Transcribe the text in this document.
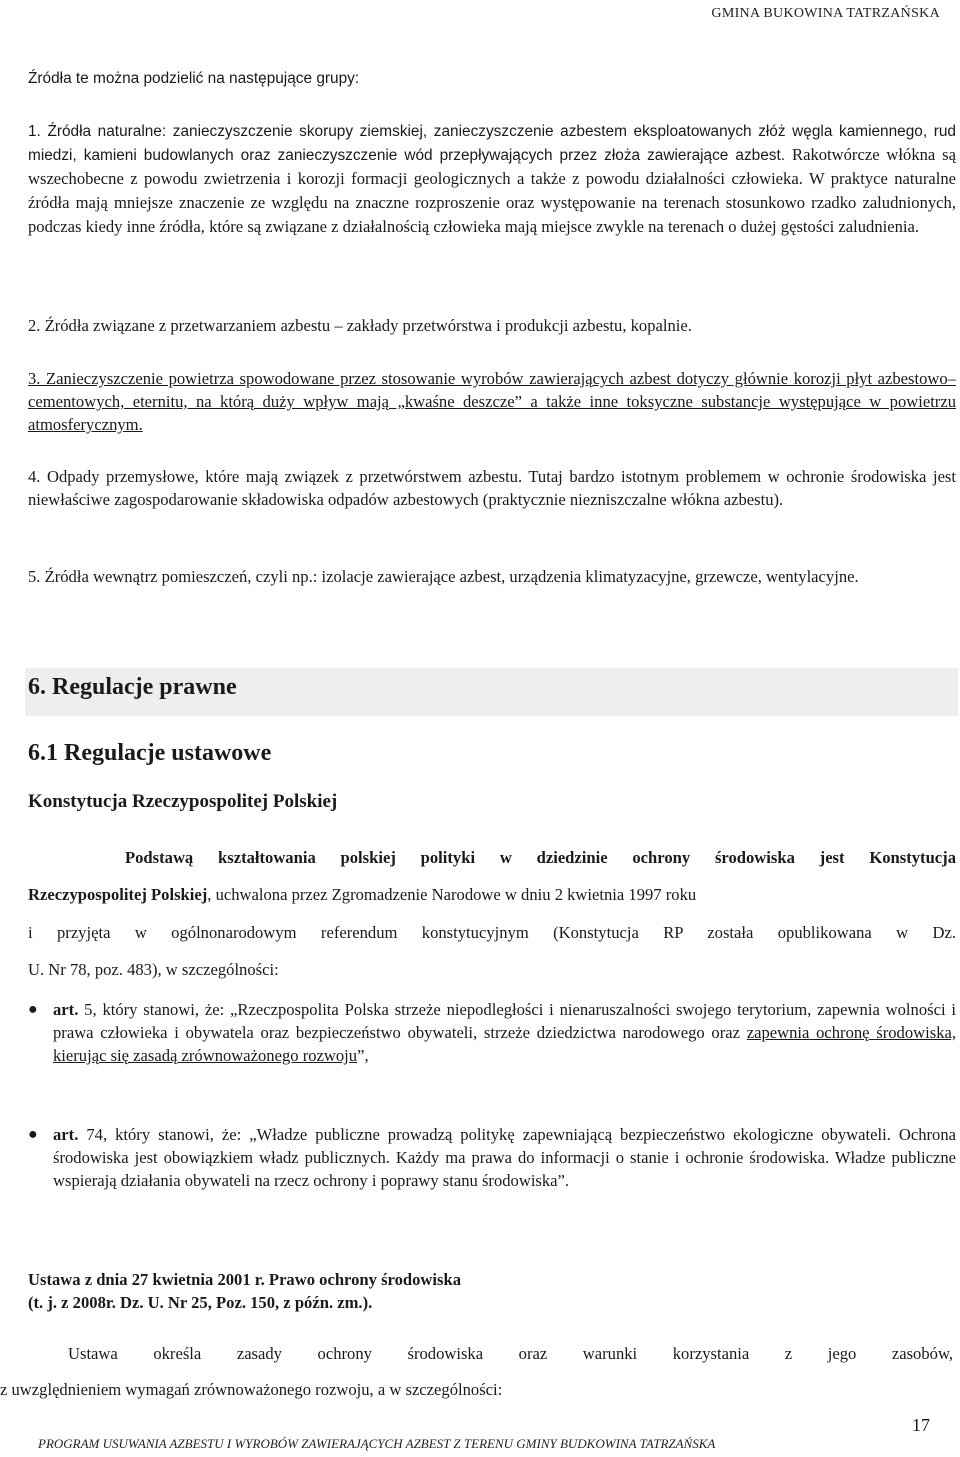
GMINA BUKOWINA TATRZAŃSKA
Źródła te można podzielić na następujące grupy:
1. Źródła naturalne: zanieczyszczenie skorupy ziemskiej, zanieczyszczenie azbestem eksploatowanych złóż węgla kamiennego, rud miedzi, kamieni budowlanych oraz zanieczyszczenie wód przepływających przez złoża zawierające azbest. Rakotwórcze włókna są wszechobecne z powodu zwietrzenia i korozji formacji geologicznych a także z powodu działalności człowieka. W praktyce naturalne źródła mają mniejsze znaczenie ze względu na znaczne rozproszenie oraz występowanie na terenach stosunkowo rzadko zaludnionych, podczas kiedy inne źródła, które są związane z działalnością człowieka mają miejsce zwykle na terenach o dużej gęstości zaludnienia.
2. Źródła związane z przetwarzaniem azbestu – zakłady przetwórstwa i produkcji azbestu, kopalnie.
3. Zanieczyszczenie powietrza spowodowane przez stosowanie wyrobów zawierających azbest dotyczy głównie korozji płyt azbestowo– cementowych, eternitu, na którą duży wpływ mają „kwaśne deszcze” a także inne toksyczne substancje występujące w powietrzu atmosferycznym.
4. Odpady przemysłowe, które mają związek z przetwórstwem azbestu. Tutaj bardzo istotnym problemem w ochronie środowiska jest niewłaściwe zagospodarowanie składowiska odpadów azbestowych (praktycznie niezniszczalne włókna azbestu).
5. Źródła wewnątrz pomieszczeń, czyli np.: izolacje zawierające azbest, urządzenia klimatyzacyjne, grzewcze, wentylacyjne.
6. Regulacje prawne
6.1 Regulacje ustawowe
Konstytucja Rzeczypospolitej Polskiej
Podstawą kształtowania polskiej polityki w dziedzinie ochrony środowiska jest Konstytucja
Rzeczypospolitej Polskiej, uchwalona przez Zgromadzenie Narodowe w dniu 2 kwietnia 1997 roku
i przyjęta w ogólnonarodowym referendum konstytucyjnym (Konstytucja RP została opublikowana w Dz.
U. Nr 78, poz. 483), w szczególności:
● art. 5, który stanowi, że: „Rzeczpospolita Polska strzeże niepodległości i nienaruszalności swojego terytorium, zapewnia wolności i prawa człowieka i obywatela oraz bezpieczeństwo obywateli, strzeże dziedzictwa narodowego oraz zapewnia ochronę środowiska, kierując się zasadą zrównoważonego rozwoju”,
● art. 74, który stanowi, że: „Władze publiczne prowadzą politykę zapewniającą bezpieczeństwo ekologiczne obywateli. Ochrona środowiska jest obowiązkiem władz publicznych. Każdy ma prawa do informacji o stanie i ochronie środowiska. Władze publiczne wspierają działania obywateli na rzecz ochrony i poprawy stanu środowiska”.
Ustawa z dnia 27 kwietnia 2001 r. Prawo ochrony środowiska
(t. j. z 2008r. Dz. U. Nr 25, Poz. 150, z późn. zm.).
Ustawa określa zasady ochrony środowiska oraz warunki korzystania z jego zasobów,
z uwzględnieniem wymagań zrównoważonego rozwoju, a w szczególności:
17
PROGRAM USUWANIA AZBESTU I WYROBÓW ZAWIERAJĄCYCH AZBEST Z TERENU GMINY BUDKOWINA TATRZAŃSKA
